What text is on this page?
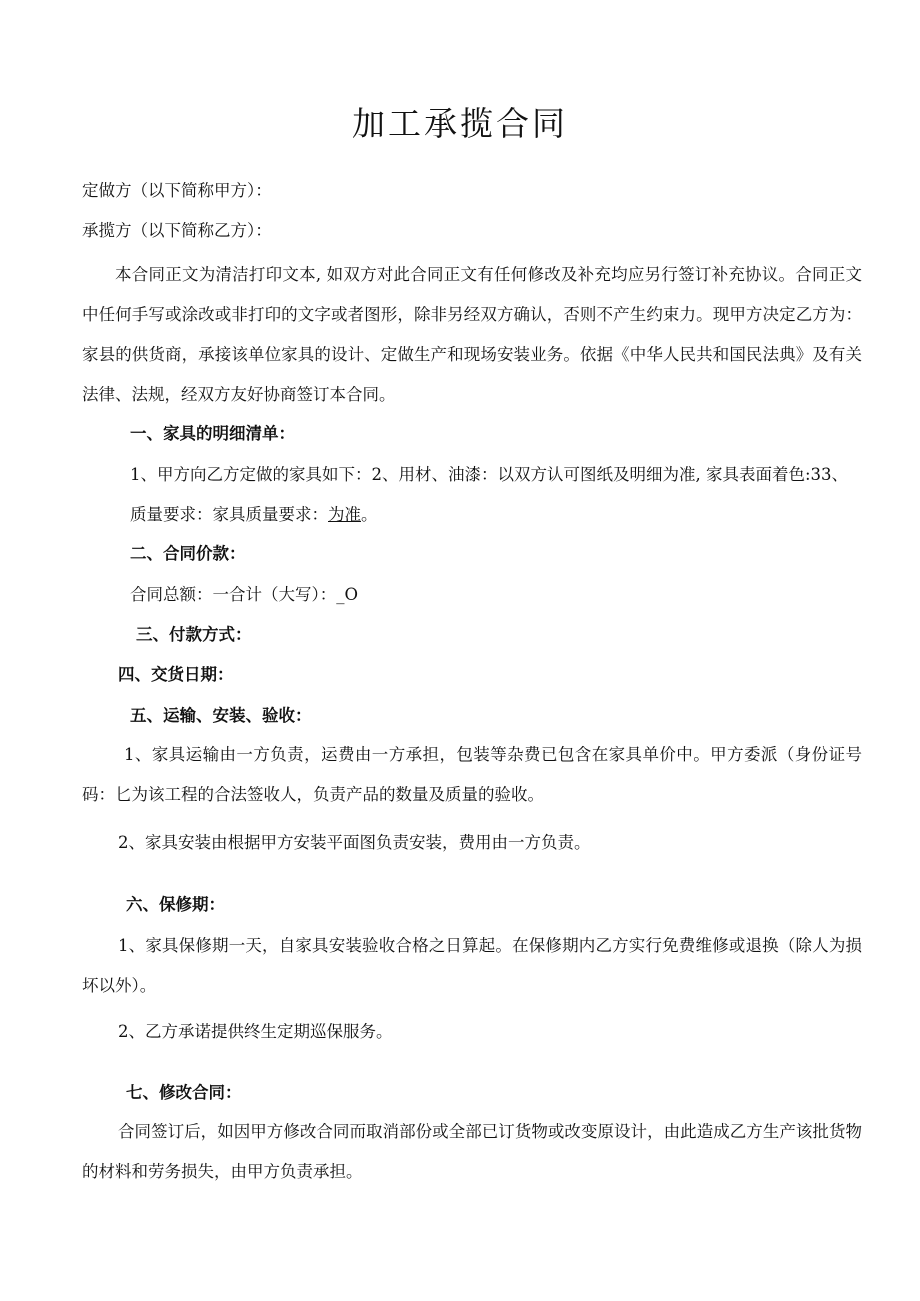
加工承揽合同
定做方（以下简称甲方）：
承揽方（以下简称乙方）：
本合同正文为清洁打印文本, 如双方对此合同正文有任何修改及补充均应另行签订补充协议。合同正文中任何手写或涂改或非打印的文字或者图形，除非另经双方确认，否则不产生约束力。现甲方决定乙方为：家县的供货商，承接该单位家具的设计、定做生产和现场安装业务。依据《中华人民共和国民法典》及有关法律、法规，经双方友好协商签订本合同。
一、家具的明细清单：
1、甲方向乙方定做的家具如下：2、用材、油漆：以双方认可图纸及明细为准, 家具表面着色:33、
质量要求：家具质量要求：为准。
二、合同价款：
合同总额：一合计（大写）：_O
三、付款方式：
四、交货日期：
五、运输、安装、验收：
1、家具运输由一方负责，运费由一方承担，包装等杂费已包含在家具单价中。甲方委派（身份证号码：匕为该工程的合法签收人，负责产品的数量及质量的验收。
2、家具安装由根据甲方安装平面图负责安装，费用由一方负责。
六、保修期：
1、家具保修期一天，自家具安装验收合格之日算起。在保修期内乙方实行免费维修或退换（除人为损坏以外）。
2、乙方承诺提供终生定期巡保服务。
七、修改合同：
合同签订后，如因甲方修改合同而取消部份或全部已订货物或改变原设计，由此造成乙方生产该批货物的材料和劳务损失，由甲方负责承担。
